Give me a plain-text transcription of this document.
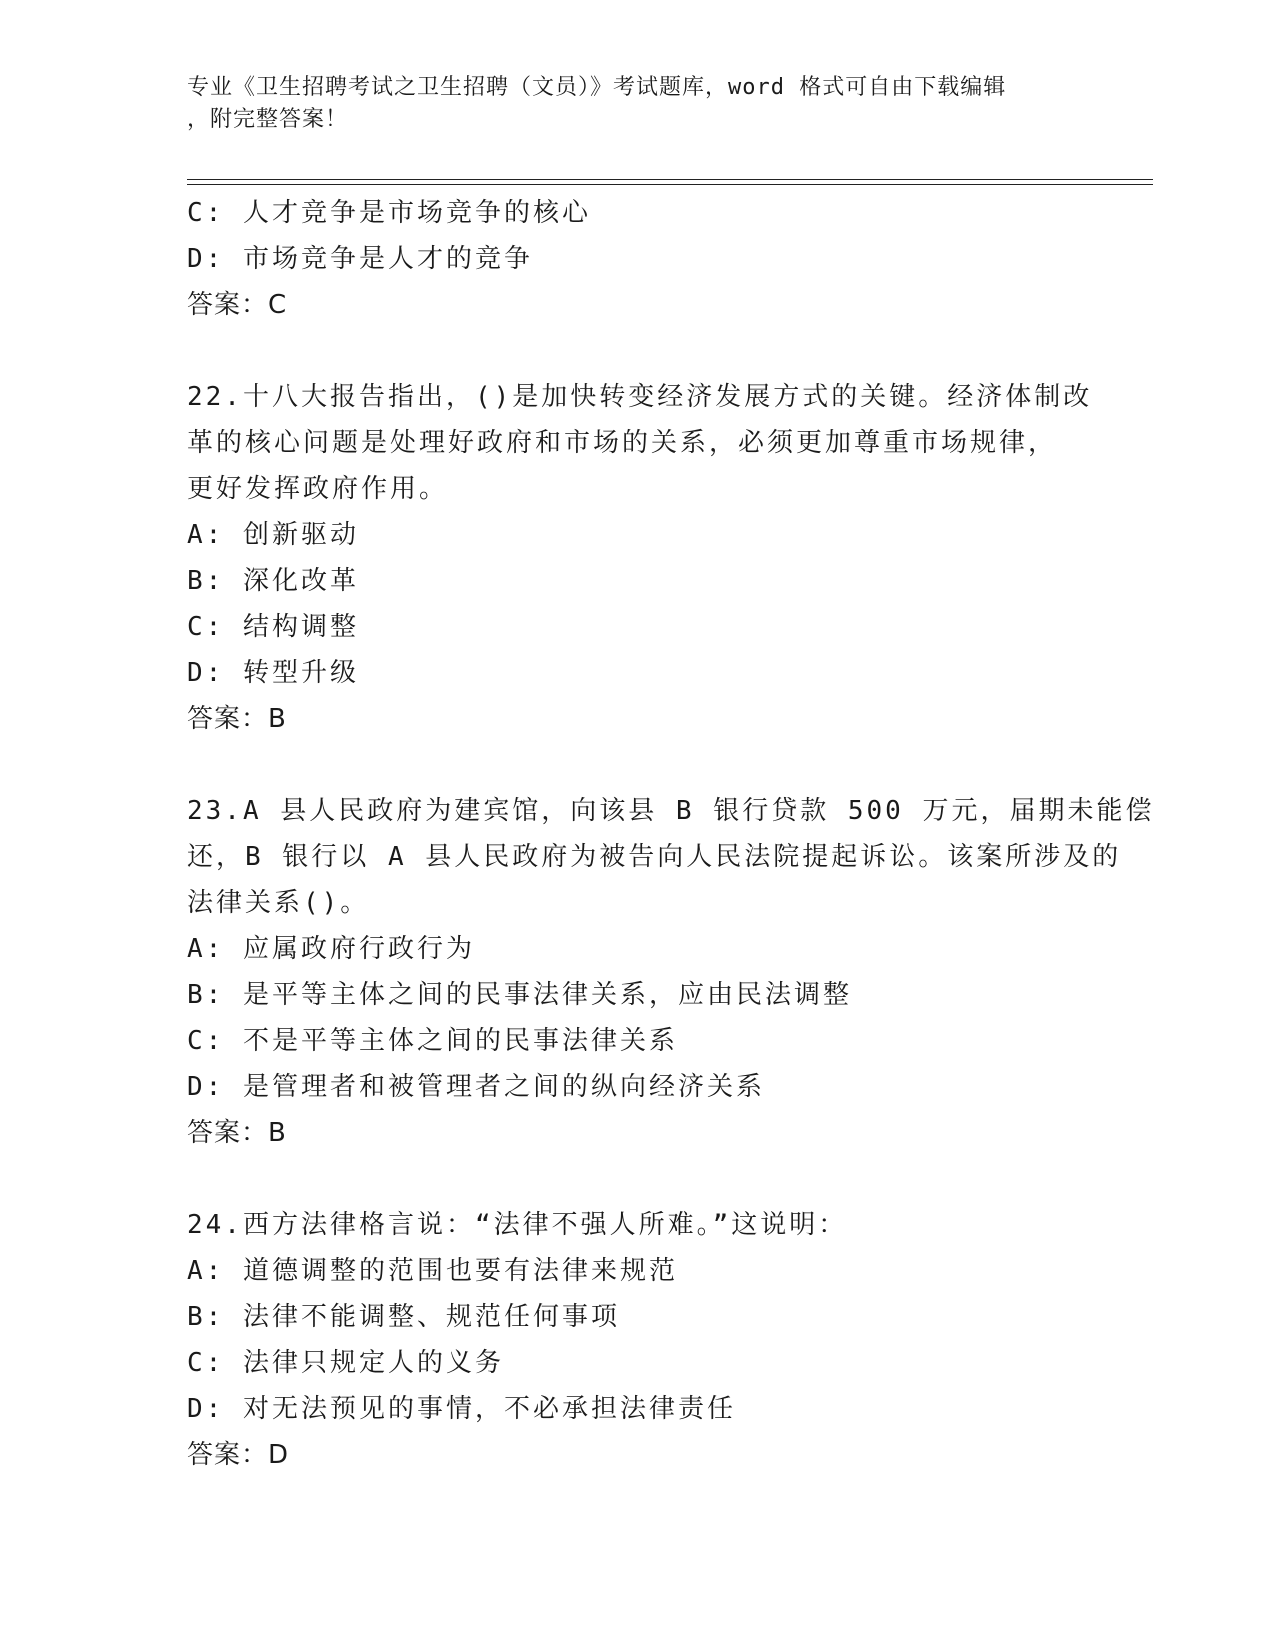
专业《卫生招聘考试之卫生招聘（文员）》考试题库，word 格式可自由下载编辑
，附完整答案！
C: 人才竞争是市场竞争的核心
D: 市场竞争是人才的竞争
答案：C
22.十八大报告指出，()是加快转变经济发展方式的关键。经济体制改
革的核心问题是处理好政府和市场的关系，必须更加尊重市场规律，
更好发挥政府作用。
A: 创新驱动
B: 深化改革
C: 结构调整
D: 转型升级
答案：B
23.A 县人民政府为建宾馆，向该县 B 银行贷款 500 万元，届期未能偿
还，B 银行以 A 县人民政府为被告向人民法院提起诉讼。该案所涉及的
法律关系()。
A: 应属政府行政行为
B: 是平等主体之间的民事法律关系，应由民法调整
C: 不是平等主体之间的民事法律关系
D: 是管理者和被管理者之间的纵向经济关系
答案：B
24.西方法律格言说：“法律不强人所难。”这说明：
A: 道德调整的范围也要有法律来规范
B: 法律不能调整、规范任何事项
C: 法律只规定人的义务
D: 对无法预见的事情，不必承担法律责任
答案：D
